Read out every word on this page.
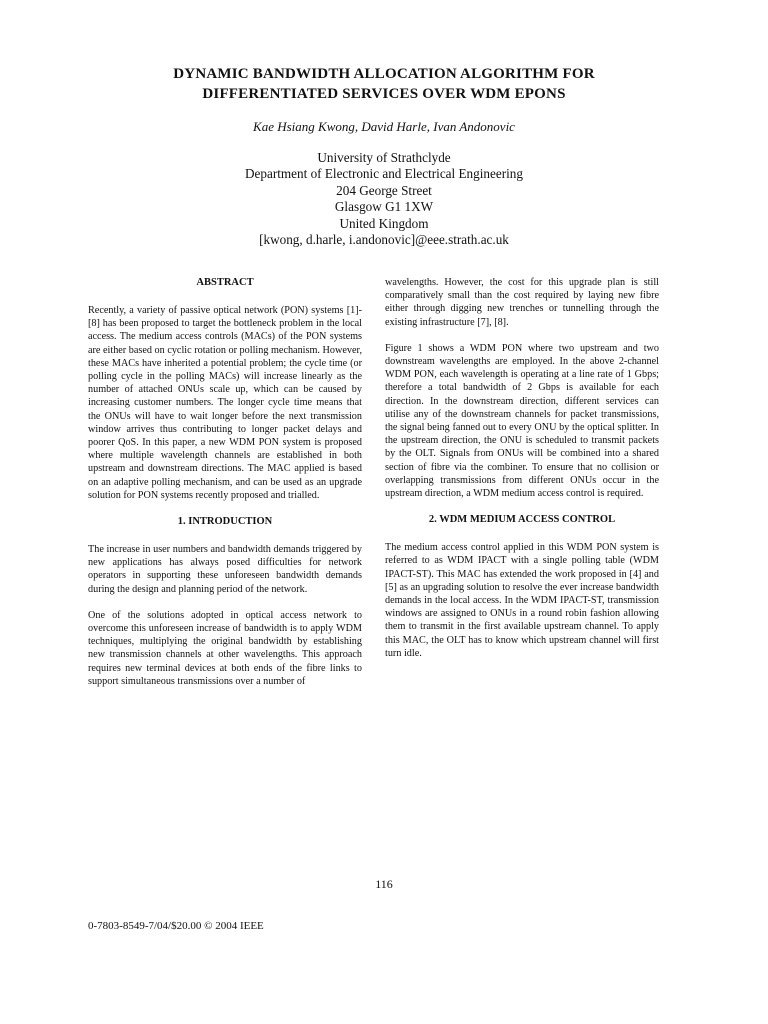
DYNAMIC BANDWIDTH ALLOCATION ALGORITHM FOR
DIFFERENTIATED SERVICES OVER WDM EPONS
Kae Hsiang Kwong, David Harle, Ivan Andonovic
University of Strathclyde
Department of Electronic and Electrical Engineering
204 George Street
Glasgow G1 1XW
United Kingdom
[kwong, d.harle, i.andonovic]@eee.strath.ac.uk
ABSTRACT

Recently, a variety of passive optical network (PON) systems [1]-[8] has been proposed to target the bottleneck problem in the local access. The medium access controls (MACs) of the PON systems are either based on cyclic rotation or polling mechanism. However, these MACs have inherited a potential problem; the cycle time (or polling cycle in the polling MACs) will increase linearly as the number of attached ONUs scale up, which can be caused by increasing customer numbers. The longer cycle time means that the ONUs will have to wait longer before the next transmission window arrives thus contributing to longer packet delays and poorer QoS. In this paper, a new WDM PON system is proposed where multiple wavelength channels are established in both upstream and downstream directions. The MAC applied is based on an adaptive polling mechanism, and can be used as an upgrade solution for PON systems recently proposed and trialled.

1. INTRODUCTION

The increase in user numbers and bandwidth demands triggered by new applications has always posed difficulties for network operators in supporting these unforeseen bandwidth demands during the design and planning period of the network.

One of the solutions adopted in optical access network to overcome this unforeseen increase of bandwidth is to apply WDM techniques, multiplying the original bandwidth by establishing new transmission channels at other wavelengths. This approach requires new terminal devices at both ends of the fibre links to support simultaneous transmissions over a number of

wavelengths. However, the cost for this upgrade plan is still comparatively small than the cost required by laying new fibre either through digging new trenches or tunnelling through the existing infrastructure [7], [8].

Figure 1 shows a WDM PON where two upstream and two downstream wavelengths are employed. In the above 2-channel WDM PON, each wavelength is operating at a line rate of 1 Gbps; therefore a total bandwidth of 2 Gbps is available for each direction. In the downstream direction, different services can utilise any of the downstream channels for packet transmissions, the signal being fanned out to every ONU by the optical splitter. In the upstream direction, the ONU is scheduled to transmit packets by the OLT. Signals from ONUs will be combined into a shared section of fibre via the combiner. To ensure that no collision or overlapping transmissions from different ONUs occur in the upstream direction, a WDM medium access control is required.

2. WDM MEDIUM ACCESS CONTROL

The medium access control applied in this WDM PON system is referred to as WDM IPACT with a single polling table (WDM IPACT-ST). This MAC has extended the work proposed in [4] and [5] as an upgrading solution to resolve the ever increase bandwidth demands in the local access. In the WDM IPACT-ST, transmission windows are assigned to ONUs in a round robin fashion allowing them to transmit in the first available upstream channel. To apply this MAC, the OLT has to know which upstream channel will first turn idle.

116
0-7803-8549-7/04/$20.00 © 2004 IEEE
